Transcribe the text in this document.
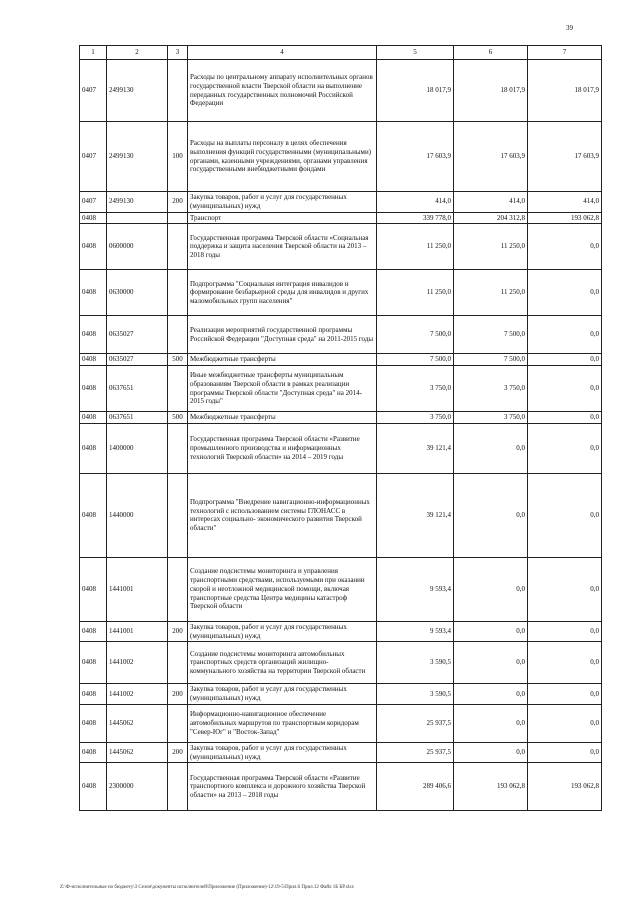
39
1	2	3	4	5	6	7
0407	2499130		Расходы по центральному аппарату исполнительных органов государственной власти Тверской области на выполнение переданных государственных полномочий Российской Федерации	18 017,9	18 017,9	18 017,9
0407	2499130	100	Расходы на выплаты персоналу в целях обеспечения выполнения функций государственными (муниципальными) органами, казенными учреждениями, органами управления государственными внебюджетными фондами	17 603,9	17 603,9	17 603,9
0407	2499130	200	Закупка товаров, работ и услуг для государственных (муниципальных) нужд	414,0	414,0	414,0
0408			Транспорт	339 778,0	204 312,8	193 062,8
0408	0600000		Государственная программа Тверской области «Социальная поддержка и защита населения Тверской области на 2013 – 2018 годы	11 250,0	11 250,0	0,0
0408	0630000		Подпрограмма "Социальная интеграция инвалидов и формирование безбарьерной среды для инвалидов и других маломобильных групп населения"	11 250,0	11 250,0	0,0
0408	0635027		Реализация мероприятий государственной программы Российской Федерации "Доступная среда" на 2011-2015 годы	7 500,0	7 500,0	0,0
0408	0635027	500	Межбюджетные трансферты	7 500,0	7 500,0	0,0
0408	0637651		Иные межбюджетные трансферты муниципальным образованиям Тверской области в рамках реализации программы Тверской области "Доступная среда" на 2014-2015 годы"	3 750,0	3 750,0	0,0
0408	0637651	500	Межбюджетные трансферты	3 750,0	3 750,0	0,0
0408	1400000		Государственная программа Тверской области «Развитие промышленного производства и информационных технологий Тверской области» на 2014 – 2019 годы	39 121,4	0,0	0,0
0408	1440000		Подпрограмма "Внедрение навигационно-информационных технологий с использованием системы ГЛОНАСС в интересах социально- экономического развития Тверской области"	39 121,4	0,0	0,0
0408	1441001		Создание подсистемы мониторинга и управления транспортными средствами, используемыми при оказании скорой и неотложной медицинской помощи, включая транспортные средства Центра медицины катастроф Тверской области	9 593,4	0,0	0,0
0408	1441001	200	Закупка товаров, работ и услуг для государственных (муниципальных) нужд	9 593,4	0,0	0,0
0408	1441002		Создание подсистемы мониторинга автомобильных транспортных средств организаций жилищно-коммунального хозяйства на территории Тверской области	3 590,5	0,0	0,0
0408	1441002	200	Закупка товаров, работ и услуг для государственных (муниципальных) нужд	3 590,5	0,0	0,0
0408	1445062		Информационно-навигационное обеспечение автомобильных маршрутов по транспортным коридорам "Север-Юг" и "Восток-Запад"	25 937,5	0,0	0,0
0408	1445062	200	Закупка товаров, работ и услуг для государственных (муниципальных) нужд	25 937,5	0,0	0,0
0408	2300000		Государственная программа Тверской области «Развитие транспортного комплекса и дорожного хозяйства Тверской области» на 2013 – 2018 годы	289 406,6	193 062,8	193 062,8
Z:\Ф-исполнительные по бюджету\3 Сезон\документы исполнителей\Приложение (Приложение)-12\19-5\Прил.6 Прил.12 Файл 1Б БР.xlsx
